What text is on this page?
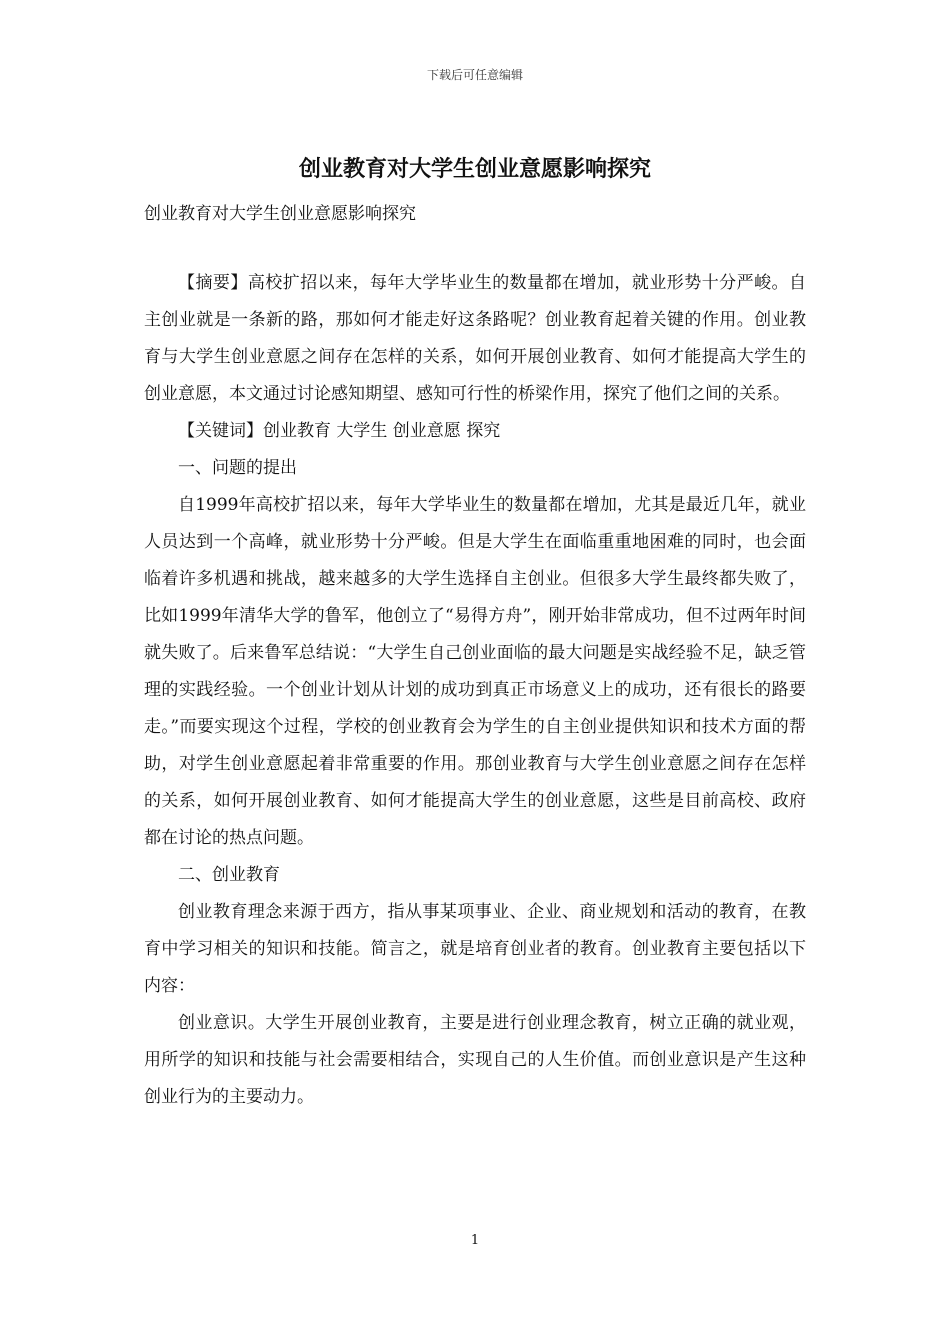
下载后可任意编辑
创业教育对大学生创业意愿影响探究
创业教育对大学生创业意愿影响探究

【摘要】高校扩招以来，每年大学毕业生的数量都在增加，就业形势十分严峻。自主创业就是一条新的路，那如何才能走好这条路呢？创业教育起着关键的作用。创业教育与大学生创业意愿之间存在怎样的关系，如何开展创业教育、如何才能提高大学生的创业意愿，本文通过讨论感知期望、感知可行性的桥梁作用，探究了他们之间的关系。

【关键词】创业教育 大学生 创业意愿 探究

一、问题的提出

自1999年高校扩招以来，每年大学毕业生的数量都在增加，尤其是最近几年，就业人员达到一个高峰，就业形势十分严峻。但是大学生在面临重重地困难的同时，也会面临着许多机遇和挑战，越来越多的大学生选择自主创业。但很多大学生最终都失败了，比如1999年清华大学的鲁军，他创立了“易得方舟”，刚开始非常成功，但不过两年时间就失败了。后来鲁军总结说：“大学生自己创业面临的最大问题是实战经验不足，缺乏管理的实践经验。一个创业计划从计划的成功到真正市场意义上的成功，还有很长的路要走。”而要实现这个过程，学校的创业教育会为学生的自主创业提供知识和技术方面的帮助，对学生创业意愿起着非常重要的作用。那创业教育与大学生创业意愿之间存在怎样的关系，如何开展创业教育、如何才能提高大学生的创业意愿，这些是目前高校、政府都在讨论的热点问题。

二、创业教育

创业教育理念来源于西方，指从事某项事业、企业、商业规划和活动的教育，在教育中学习相关的知识和技能。简言之，就是培育创业者的教育。创业教育主要包括以下内容：

创业意识。大学生开展创业教育，主要是进行创业理念教育，树立正确的就业观，用所学的知识和技能与社会需要相结合，实现自己的人生价值。而创业意识是产生这种创业行为的主要动力。

1
